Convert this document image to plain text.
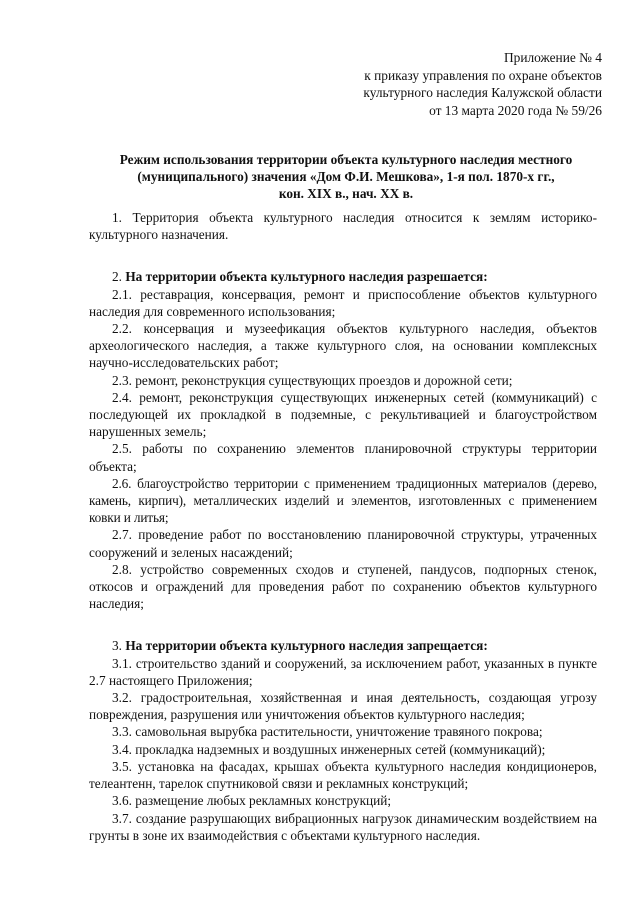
Приложение № 4
к приказу управления по охране объектов
культурного наследия Калужской области
от 13 марта 2020 года № 59/26
Режим использования территории объекта культурного наследия местного
(муниципального) значения «Дом Ф.И. Мешкова», 1-я пол. 1870-х гг.,
кон. XIX в., нач. XX в.

1. Территория объекта культурного наследия относится к землям историко-культурного назначения.

2. На территории объекта культурного наследия разрешается:

2.1. реставрация, консервация, ремонт и приспособление объектов культурного наследия для современного использования;

2.2. консервация и музеефикация объектов культурного наследия, объектов археологического наследия, а также культурного слоя, на основании комплексных научно-исследовательских работ;

2.3. ремонт, реконструкция существующих проездов и дорожной сети;

2.4. ремонт, реконструкция существующих инженерных сетей (коммуникаций) с последующей их прокладкой в подземные, с рекультивацией и благоустройством нарушенных земель;

2.5. работы по сохранению элементов планировочной структуры территории объекта;

2.6. благоустройство территории с применением традиционных материалов (дерево, камень, кирпич), металлических изделий и элементов, изготовленных с применением ковки и литья;

2.7. проведение работ по восстановлению планировочной структуры, утраченных сооружений и зеленых насаждений;

2.8. устройство современных сходов и ступеней, пандусов, подпорных стенок, откосов и ограждений для проведения работ по сохранению объектов культурного наследия;

3. На территории объекта культурного наследия запрещается:

3.1. строительство зданий и сооружений, за исключением работ, указанных в пункте 2.7 настоящего Приложения;

3.2. градостроительная, хозяйственная и иная деятельность, создающая угрозу повреждения, разрушения или уничтожения объектов культурного наследия;

3.3. самовольная вырубка растительности, уничтожение травяного покрова;

3.4. прокладка надземных и воздушных инженерных сетей (коммуникаций);

3.5. установка на фасадах, крышах объекта культурного наследия кондиционеров, телеантенн, тарелок спутниковой связи и рекламных конструкций;

3.6. размещение любых рекламных конструкций;

3.7. создание разрушающих вибрационных нагрузок динамическим воздействием на грунты в зоне их взаимодействия с объектами культурного наследия.
